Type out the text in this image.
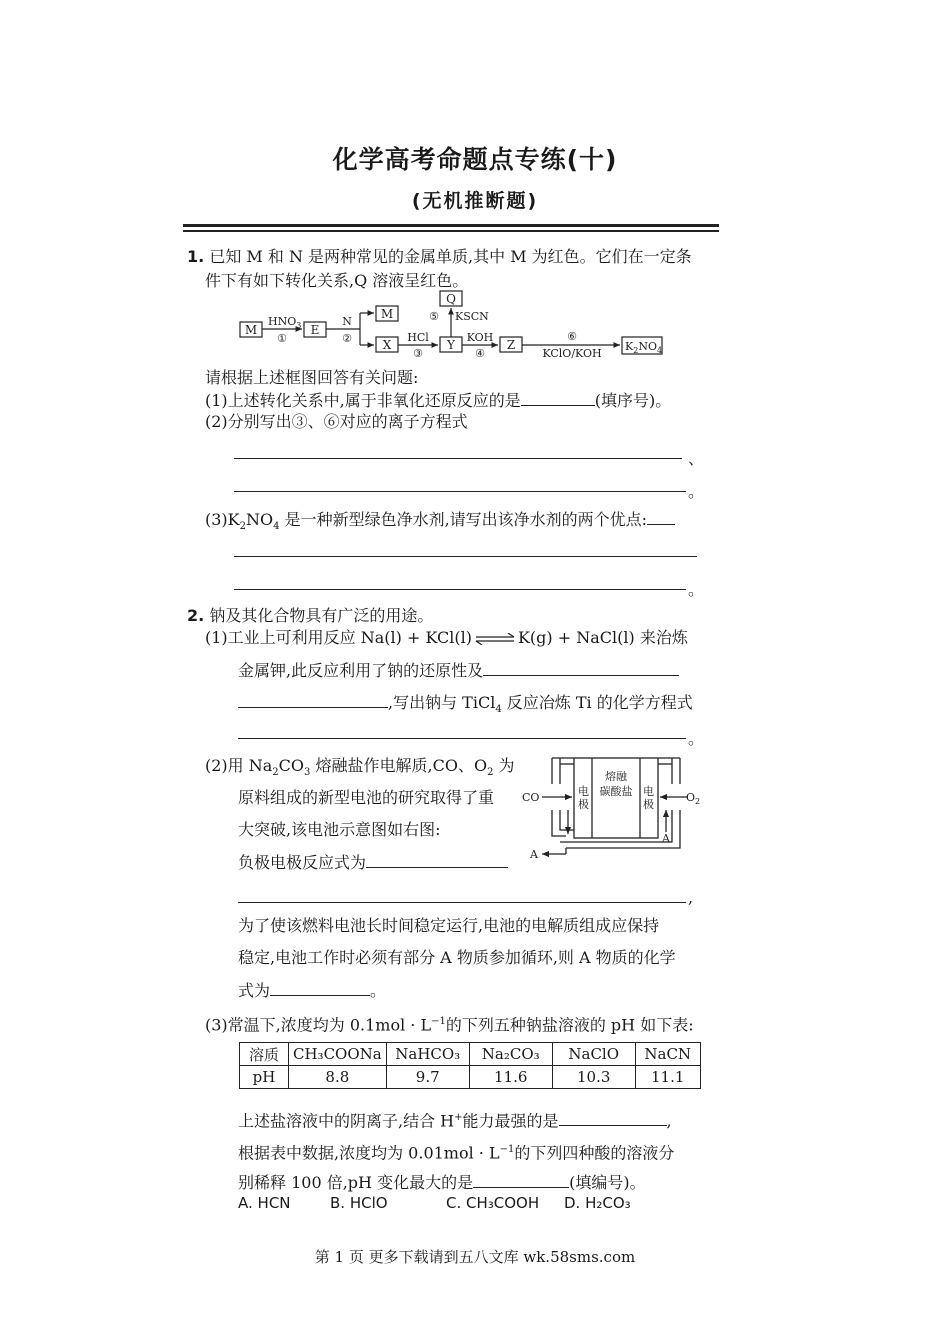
化学高考命题点专练(十)
(无机推断题)
1. 已知 M 和 N 是两种常见的金属单质,其中 M 为红色。它们在一定条
件下有如下转化关系,Q 溶液呈红色。
M	E
M
X	Y
Q
Z	$K_2NO_4$
$HNO_3$
①
N
②	HCl
③
KOH
④
⑤ KSCN
⑥
KClO/KOH
请根据上述框图回答有关问题:
(1)上述转化关系中,属于非氧化还原反应的是	(填序号)。
(2)分别写出③、⑥对应的离子方程式
、
。
$(3)K_2NO_4$ 是一种新型绿色净水剂,请写出该净水剂的两个优点:
。
2. 钠及其化合物具有广泛的用途。
(1)工业上可利用反应 Na(l) + KCl(l) ⇌ K(g) + NaCl(l) 来治炼
金属钾,此反应利用了钠的还原性及
,写出钠与 TiCl$_4$ 反应冶炼 Ti 的化学方程式
。
(2)用 $Na_2CO_3$ 熔融盐作电解质,CO、$O_2$ 为
原料组成的新型电池的研究取得了重
大突破,该电池示意图如右图:
负极电极反应式为
,
为了使该燃料电池长时间稳定运行,电池的电解质组成应保持
稳定,电池工作时必须有部分 A 物质参加循环,则 A 物质的化学
式为	。
CO	$O_2$
A
A
电
极
电
极
熔融
碳酸盐
(3)常温下,浓度均为 $0.1mol \cdot L^{-1}$的下列五种钠盐溶液的 pH 如下表:
溶质	CH₃COONa	NaHCO₃	Na₂CO₃	NaClO	NaCN
pH	8.8	9.7	11.6	10.3	11.1
上述盐溶液中的阴离子,结合 H+能力最强的是	,
根据表中数据,浓度均为 $0.01mol \cdot L^{-1}$的下列四种酸的溶液分
别稀释 100 倍,pH 变化最大的是	(填编号)。
A. HCN	B. HClO	C. CH₃COOH D. H₂CO₃
第 1 页 更多下载请到五八文库 wk.58sms.com
